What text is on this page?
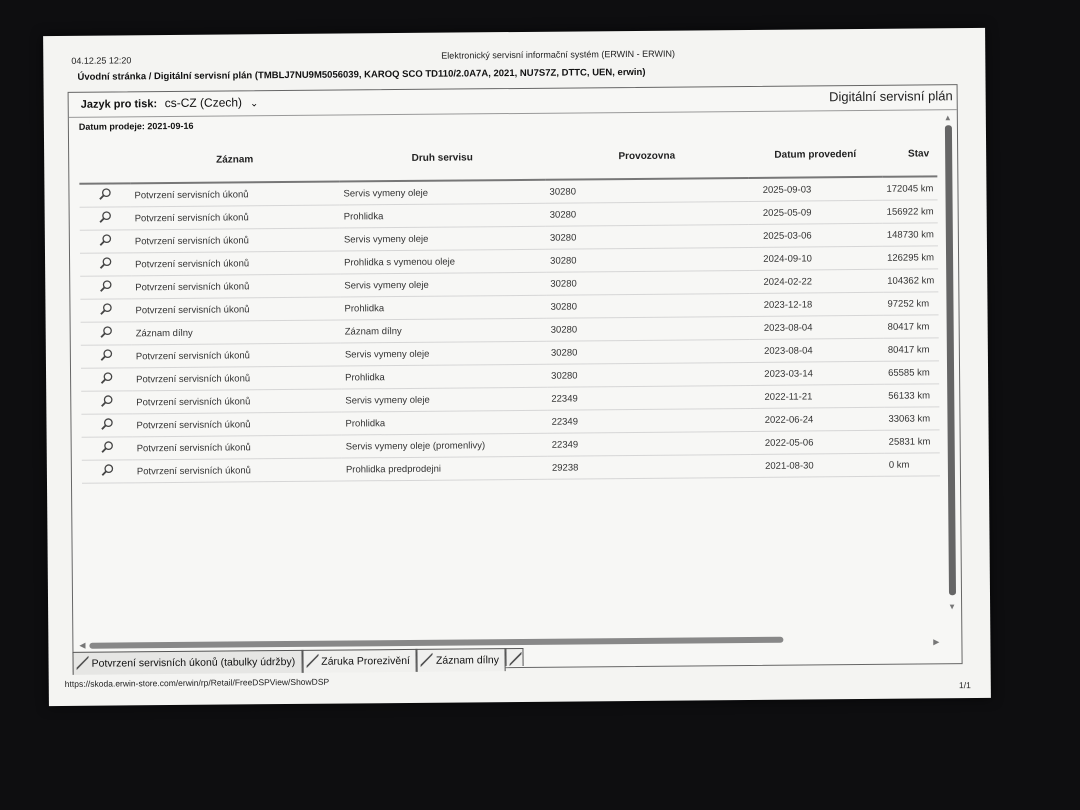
04.12.25 12:20	Elektronický servisní informační systém (ERWIN - ERWIN)
Úvodní stránka / Digitální servisní plán (TMBLJ7NU9M5056039, KAROQ SCO TD110/2.0A7A, 2021, NU7S7Z, DTTC, UEN, erwin)
Jazyk pro tisk: cs-CZ (Czech) ⌄	Digitální servisní plán
Datum prodeje: 2021-09-16
	Záznam	Druh servisu	Provozovna	Datum provedení	Stav
	Potvrzení servisních úkonů	Servis vymeny oleje	30280	2025-09-03	172045 km
	Potvrzení servisních úkonů	Prohlidka	30280	2025-05-09	156922 km
	Potvrzení servisních úkonů	Servis vymeny oleje	30280	2025-03-06	148730 km
	Potvrzení servisních úkonů	Prohlidka s vymenou oleje	30280	2024-09-10	126295 km
	Potvrzení servisních úkonů	Servis vymeny oleje	30280	2024-02-22	104362 km
	Potvrzení servisních úkonů	Prohlidka	30280	2023-12-18	97252 km
	Záznam dílny	Záznam dílny	30280	2023-08-04	80417 km
	Potvrzení servisních úkonů	Servis vymeny oleje	30280	2023-08-04	80417 km
	Potvrzení servisních úkonů	Prohlidka	30280	2023-03-14	65585 km
	Potvrzení servisních úkonů	Servis vymeny oleje	22349	2022-11-21	56133 km
	Potvrzení servisních úkonů	Prohlidka	22349	2022-06-24	33063 km
	Potvrzení servisních úkonů	Servis vymeny oleje (promenlivy)	22349	2022-05-06	25831 km
	Potvrzení servisních úkonů	Prohlidka predprodejni	29238	2021-08-30	0 km
▲
▼
◀	▶
Potvrzení servisních úkonů (tabulky údržby)	Záruka Prorezivění	Záznam dílny
https://skoda.erwin-store.com/erwin/rp/Retail/FreeDSPView/ShowDSP	1/1
